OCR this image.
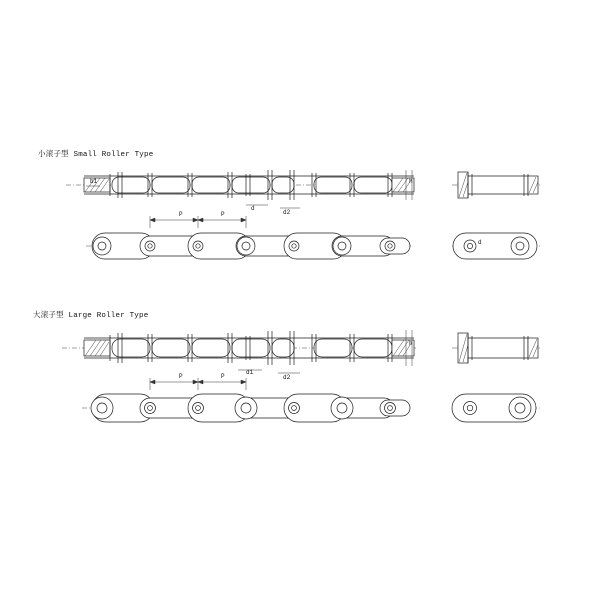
小滚子型 Small Roller Type
大滚子型 Large Roller Type
P	P
d
d2
h
b1
d
P	P
d1
d2
h
